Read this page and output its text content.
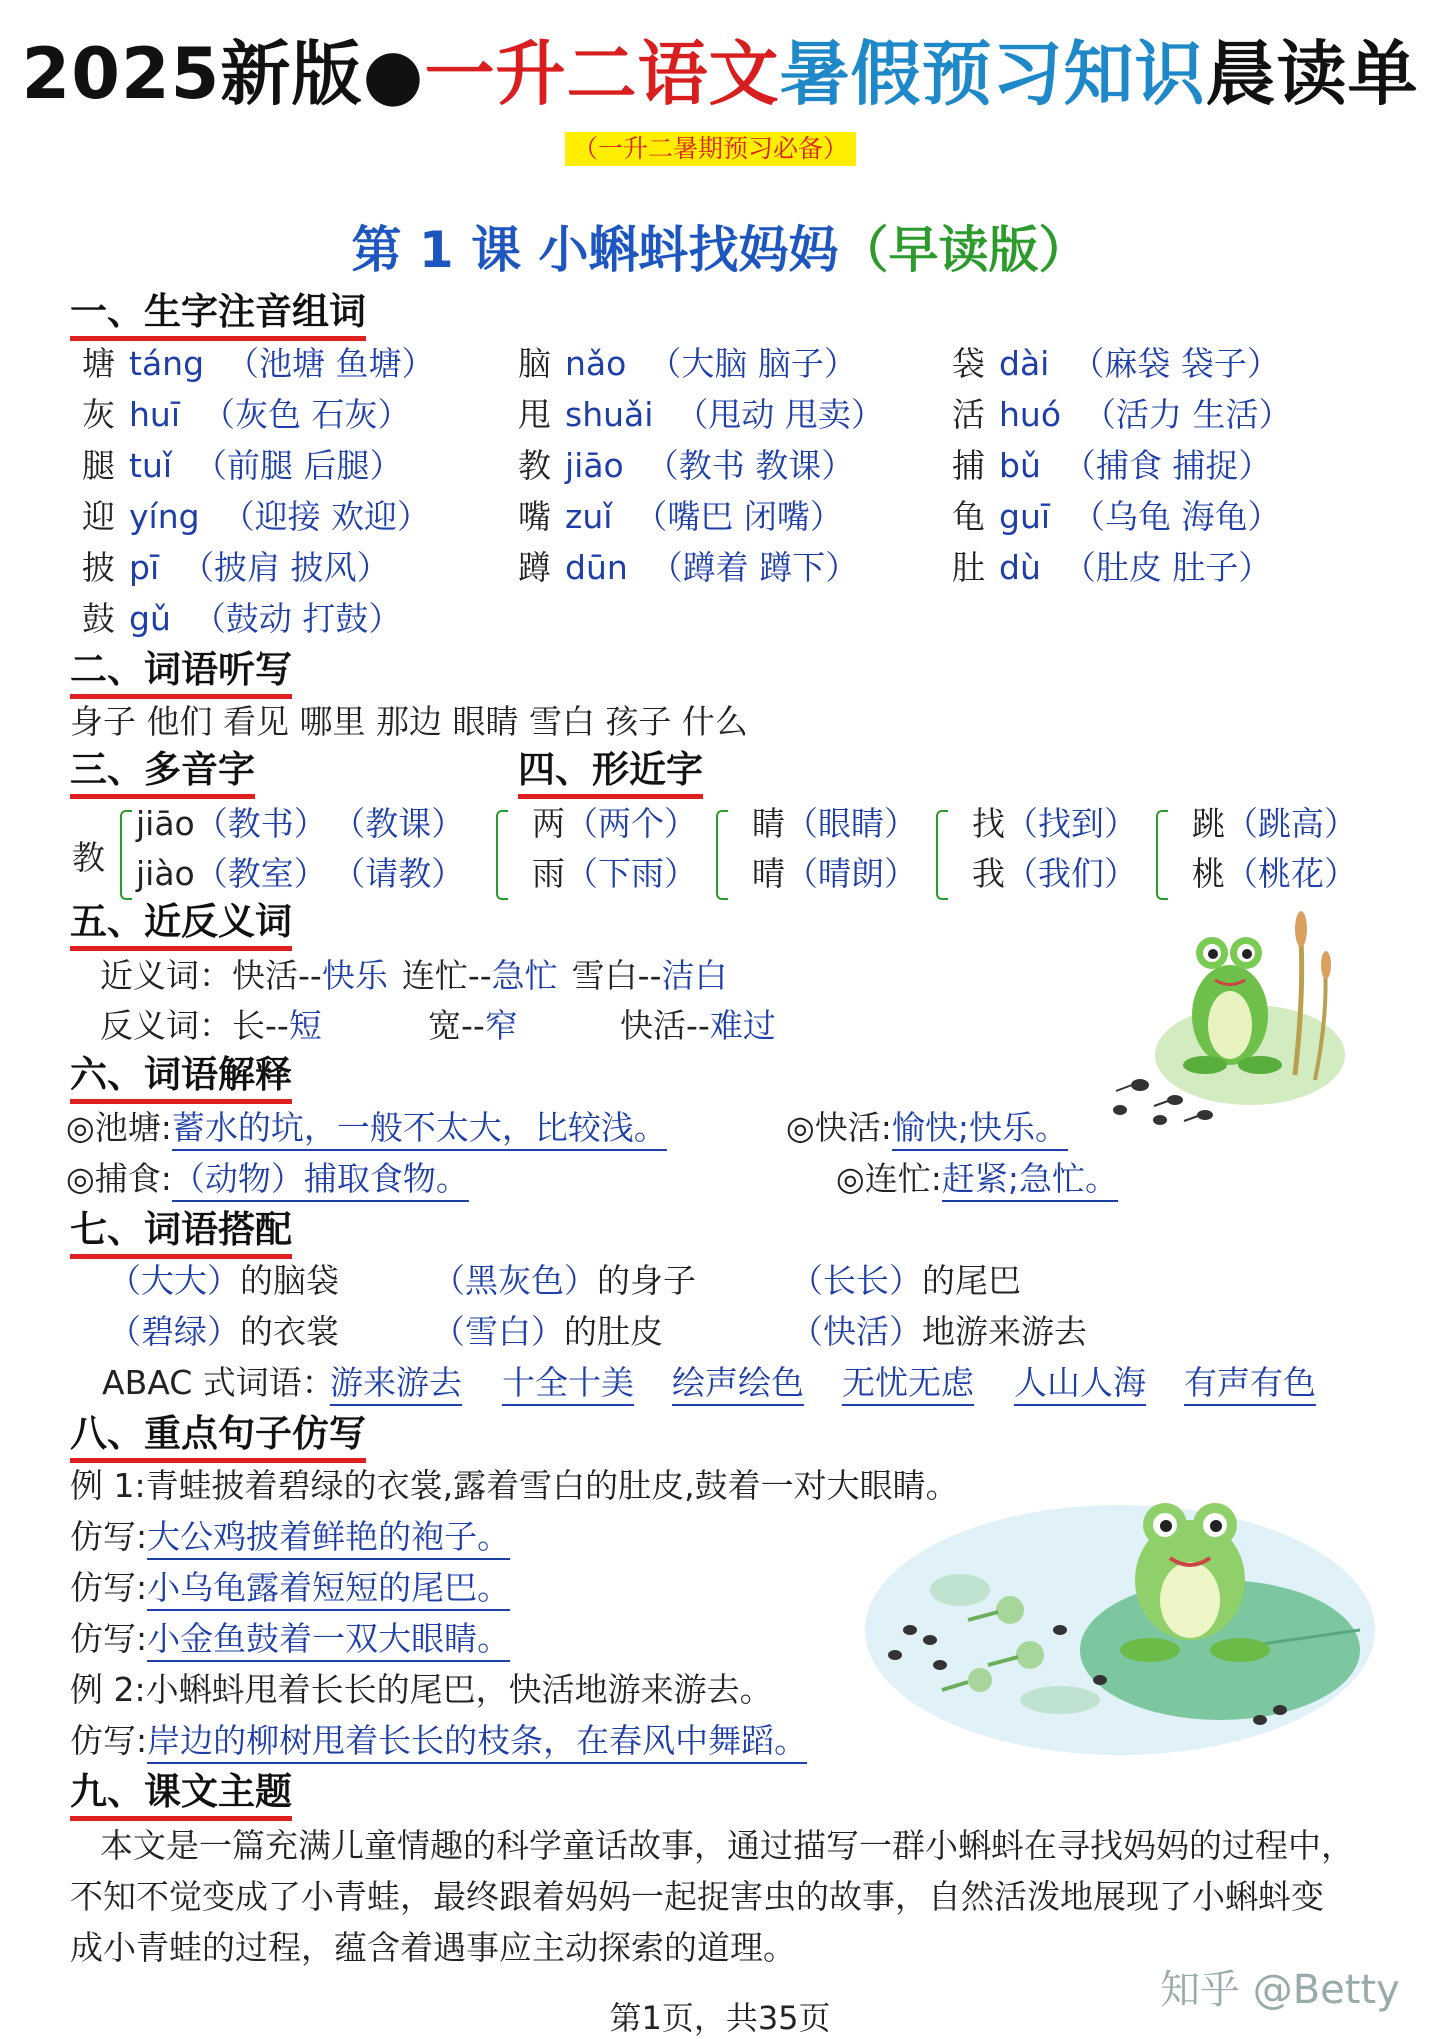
2025新版●一升二语文暑假预习知识晨读单
（一升二暑期预习必备）
第 1 课 小蝌蚪找妈妈（早读版）
一、生字注音组词
塘 táng （池塘 鱼塘）	脑 nǎo （大脑 脑子）	袋 dài （麻袋 袋子）
灰 huī （灰色 石灰）	甩 shuǎi （甩动 甩卖） 活 huó （活力 生活）
腿 tuǐ （前腿 后腿）	教 jiāo （教书 教课）	捕 bǔ （捕食 捕捉）
迎 yíng （迎接 欢迎）	嘴 zuǐ （嘴巴 闭嘴）	龟 guī （乌龟 海龟）
披 pī （披肩 披风）	蹲 dūn （蹲着 蹲下）	肚 dù （肚皮 肚子）
鼓 gǔ （鼓动 打鼓）
二、词语听写
身子 他们 看见 哪里 那边 眼睛 雪白 孩子 什么
三、多音字	四、形近字
教
jiāo（教书） （教课）
jiào（教室） （请教）
两（两个）
雨（下雨）
睛（眼睛）
晴（晴朗）
找（找到）
我（我们）
跳（跳高）
桃（桃花）
五、近反义词
近义词：快活--快乐 连忙--急忙 雪白--洁白
反义词：长--短	宽--窄	快活--难过
六、词语解释
◎池塘:蓄水的坑，一般不太大，比较浅。	◎快活:愉快;快乐。
◎捕食:（动物）捕取食物。	◎连忙:赶紧;急忙。
七、词语搭配
（大大）的脑袋	（黑灰色）的身子	（长长）的尾巴
（碧绿）的衣裳	（雪白）的肚皮	（快活）地游来游去
ABAC 式词语：
游来游去 十全十美 绘声绘色 无忧无虑 人山人海 有声有色
八、重点句子仿写
例 1:青蛙披着碧绿的衣裳,露着雪白的肚皮,鼓着一对大眼睛。
仿写:大公鸡披着鲜艳的袍子。
仿写:小乌龟露着短短的尾巴。
仿写:小金鱼鼓着一双大眼睛。
例 2:小蝌蚪甩着长长的尾巴，快活地游来游去。
仿写:岸边的柳树甩着长长的枝条，在春风中舞蹈。
九、课文主题
本文是一篇充满儿童情趣的科学童话故事，通过描写一群小蝌蚪在寻找妈妈的过程中，
不知不觉变成了小青蛙，最终跟着妈妈一起捉害虫的故事，自然活泼地展现了小蝌蚪变
成小青蛙的过程，蕴含着遇事应主动探索的道理。
第1页，共35页
知乎 @Betty
